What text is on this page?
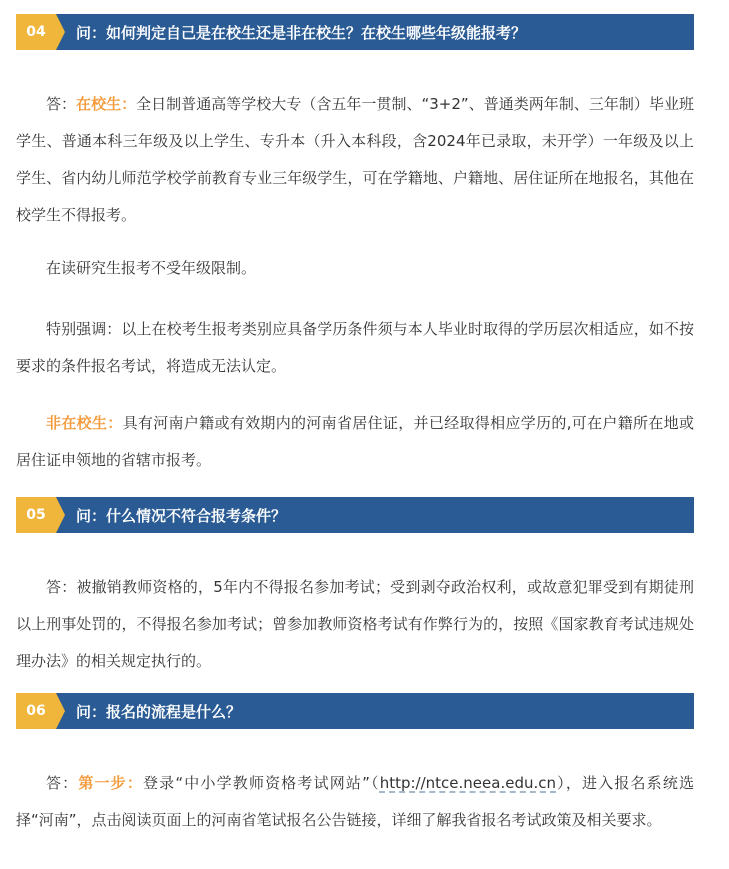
04	问：如何判定自己是在校生还是非在校生？在校生哪些年级能报考？

答：在校生：全日制普通高等学校大专（含五年一贯制、“3+2”、普通类两年制、三年制）毕业班学生、普通本科三年级及以上学生、专升本（升入本科段，含2024年已录取，未开学）一年级及以上学生、省内幼儿师范学校学前教育专业三年级学生，可在学籍地、户籍地、居住证所在地报名，其他在校学生不得报考。

在读研究生报考不受年级限制。

特别强调：以上在校考生报考类别应具备学历条件须与本人毕业时取得的学历层次相适应，如不按要求的条件报名考试，将造成无法认定。

非在校生：具有河南户籍或有效期内的河南省居住证，并已经取得相应学历的,可在户籍所在地或居住证申领地的省辖市报考。

05	问：什么情况不符合报考条件？

答：被撤销教师资格的，5年内不得报名参加考试；受到剥夺政治权利，或故意犯罪受到有期徒刑以上刑事处罚的，不得报名参加考试；曾参加教师资格考试有作弊行为的，按照《国家教育考试违规处理办法》的相关规定执行的。

06	问：报名的流程是什么？

答：第一步：登录“中小学教师资格考试网站”（http://ntce.neea.edu.cn），进入报名系统选择“河南”，点击阅读页面上的河南省笔试报名公告链接，详细了解我省报名考试政策及相关要求。
